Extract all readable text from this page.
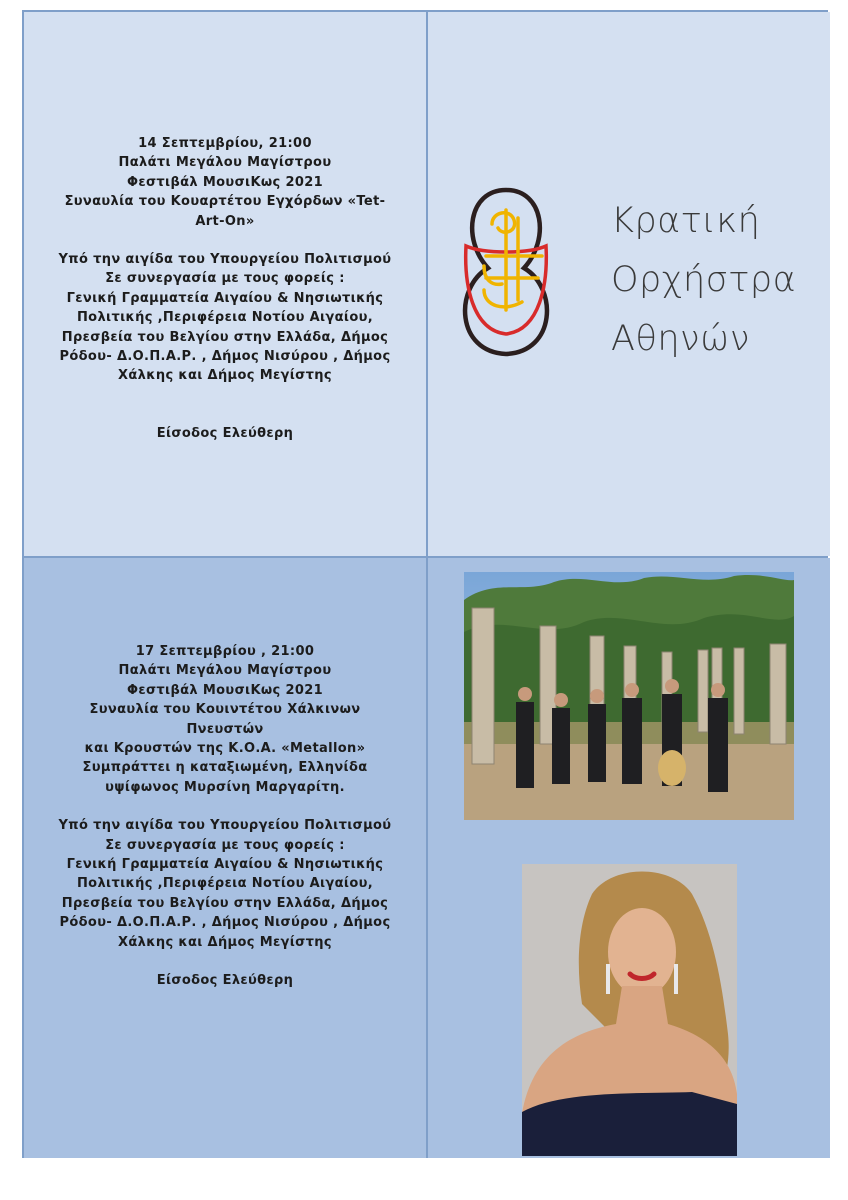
14 Σεπτεμβρίου, 21:00

Παλάτι Μεγάλου Μαγίστρου

Φεστιβάλ ΜουσιΚως 2021

Συναυλία του Κουαρτέτου Εγχόρδων «Tet-

Art-On»

Υπό την αιγίδα του Υπουργείου Πολιτισμού

Σε συνεργασία με τους φορείς :

Γενική Γραμματεία Αιγαίου & Νησιωτικής

Πολιτικής ,Περιφέρεια Νοτίου Αιγαίου,

Πρεσβεία του Βελγίου στην Ελλάδα, Δήμος

Ρόδου- Δ.Ο.Π.Α.Ρ. , Δήμος Νισύρου , Δήμος

Χάλκης και Δήμος Μεγίστης

Είσοδος Ελεύθερη

Κρατική

Ορχήστρα

Αθηνών

17 Σεπτεμβρίου , 21:00

Παλάτι Μεγάλου Μαγίστρου

Φεστιβάλ ΜουσιΚως 2021

Συναυλία του Κουιντέτου Χάλκινων

Πνευστών

και Κρουστών της Κ.Ο.Α. «Metallon»

Συμπράττει η καταξιωμένη, Ελληνίδα

υψίφωνος Μυρσίνη Μαργαρίτη.

Υπό την αιγίδα του Υπουργείου Πολιτισμού

Σε συνεργασία με τους φορείς :

Γενική Γραμματεία Αιγαίου & Νησιωτικής

Πολιτικής ,Περιφέρεια Νοτίου Αιγαίου,

Πρεσβεία του Βελγίου στην Ελλάδα, Δήμος

Ρόδου- Δ.Ο.Π.Α.Ρ. , Δήμος Νισύρου , Δήμος

Χάλκης και Δήμος Μεγίστης

Είσοδος Ελεύθερη
